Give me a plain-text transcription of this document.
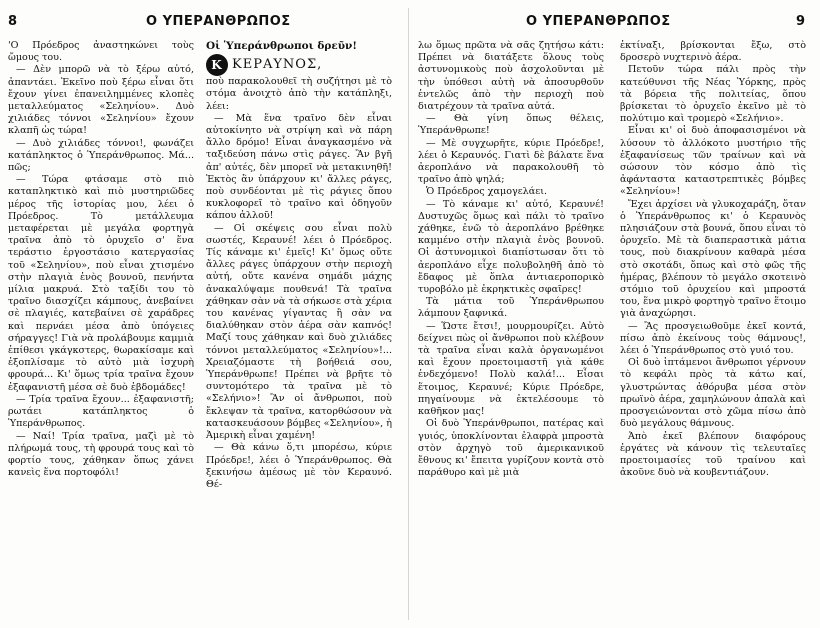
8	Ο ΥΠΕΡΑΝΘΡΩΠΟΣ	Ο ΥΠΕΡΑΝΘΡΩΠΟΣ	9

'Ο Πρόεδρος ἀναστηκώνει τοὺς ὤμους του.

— Δὲν μπορῶ νὰ τὸ ξέρω αὐτό, ἀπαντάει. Ἐκεῖνο ποὺ ξέρω εἶναι ὅτι ἔχουν γίνει ἐπανειλημμένες κλοπὲς μεταλλεύματος «Σεληνίου». Δυὸ χιλιάδες τόννοι «Σεληνίου» ἔχουν κλαπῆ ὡς τώρα!

— Δυὸ χιλιάδες τόννοι!, φωνάζει κατάπληκτος ὁ Ὑπεράνθρωπος. Μά... πῶς;

— Τώρα φτάσαμε στὸ πιὸ καταπληκτικὸ καὶ πιὸ μυστηριῶδες μέρος τῆς ἱστορίας μου, λέει ὁ Πρόεδρος. Τὸ μετάλλευμα μεταφέρεται μὲ μεγάλα φορτηγὰ τραῖνα ἀπὸ τὸ ὀρυχεῖο σ' ἕνα τεράστιο ἐργοστάσιο κατεργασίας τοῦ «Σεληνίου», ποὺ εἶναι χτισμένο στὴν πλαγιὰ ἑνὸς βουνοῦ, πενήντα μίλια μακρυά. Στὸ ταξίδι του τὸ τραῖνο διασχίζει κάμπους, ἀνεβαίνει σὲ πλαγιές, κατεβαίνει σὲ χαράδρες καὶ περνάει μέσα ἀπὸ ὑπόγειες σήραγγες! Γιὰ νὰ προλάβουμε καμμιὰ ἐπίθεσι γκάγκστερς, θωρακίσαμε καὶ ἐξοπλίσαμε τὸ αὐτὸ μιὰ ἰσχυρὴ φρουρά... Κι' ὅμως τρία τραῖνα ἔχουν ἐξαφανιστῆ μέσα σὲ δυὸ ἑβδομάδες!

— Τρία τραῖνα ἔχουν... ἐξαφανιστῆ; ρωτάει κατάπληκτος ὁ Ὑπεράνθρωπος.

— Ναί! Τρία τραῖνα, μαζὶ μὲ τὸ πλήρωμά τους, τὴ φρουρά τους καὶ τὸ φορτίο τους, χάθηκαν ὅπως χάνει κανεὶς ἕνα πορτοφόλι!

Οἱ Ὑπεράνθρωποι δρεῦν!

Κ ΚΕΡΑΥΝΟΣ,

ποὺ παρακολουθεῖ τὴ συζήτησι μὲ τὸ στόμα ἀνοιχτὸ ἀπὸ τὴν κατάπληξι, λέει:

— Μὰ ἕνα τραῖνο δὲν εἶναι αὐτοκίνητο νὰ στρίψη καὶ νὰ πάρη ἄλλο δρόμο! Εἶναι ἀναγκασμένο νὰ ταξιδεύση πάνω στὶς ράγες. Ἂν βγῆ ἀπ' αὐτές, δὲν μπορεῖ νὰ μετακινηθῆ! Ἐκτὸς ἂν ὑπάρχουν κι' ἄλλες ράγες, ποὺ συνδέονται μὲ τὶς ράγιες ὅπου κυκλοφορεῖ τὸ τραῖνο καὶ ὁδηγοῦν κάπου ἀλλοῦ!

— Οἱ σκέψεις σου εἶναι πολὺ σωστές, Κεραυνέ! λέει ὁ Πρόεδρος. Τίς κάναμε κι' ἐμεῖς! Κι' ὅμως οὔτε ἄλλες ράγες ὑπάρχουν στὴν περιοχὴ αὐτή, οὔτε κανένα σημάδι μάχης ἀνακαλύψαμε πουθενά! Τὰ τραῖνα χάθηκαν σὰν νὰ τὰ σήκωσε στὰ χέρια του κανένας γίγαντας ἢ σὰν να διαλύθηκαν στὸν ἀέρα σὰν καπνός! Μαζί τους χάθηκαν καὶ δυὸ χιλιάδες τόννοι μεταλλεύματος «Σεληνίου»!... Χρειαζόμαστε τὴ βοήθειά σου, Ὑπεράνθρωπε! Πρέπει νὰ βρῆτε τὸ συντομότερο τὰ τραῖνα μὲ τὸ «Σελήνιο»! Ἂν οἱ ἄνθρωποι, ποὺ ἔκλεψαν τὰ τραῖνα, κατορθώσουν νὰ κατασκευάσουν βόμβες «Σεληνίου», ἡ Ἀμερικὴ εἶναι χαμένη!

— Θὰ κάνω ὅ,τι μπορέσω, κύριε Πρόεδρε!, λέει ὁ Ὑπεράνθρωπος. Θὰ ξεκινήσω ἀμέσως μὲ τὸν Κεραυνό. Θέ-

λω ὅμως πρῶτα νὰ σᾶς ζητήσω κάτι: Πρέπει νὰ διατάξετε ὅλους τοὺς ἀστυνομικοὺς ποὺ ἀσχολοῦνται μὲ τὴν ὑπόθεσι αὐτὴ νὰ ἀποσυρθοῦν ἐντελῶς ἀπὸ τὴν περιοχὴ ποὺ διατρέχουν τὰ τραῖνα αὐτά.

— Θὰ γίνη ὅπως θέλεις, Ὑπεράνθρωπε!

— Μὲ συγχωρῆτε, κύριε Πρόεδρε!, λέει ὁ Κεραυνός. Γιατὶ δὲ βάλατε ἕνα ἀεροπλάνο νὰ παρακολουθῆ τὸ τραῖνο ἀπὸ ψηλά;

Ὁ Πρόεδρος χαμογελάει.

— Τὸ κάναμε κι' αὐτό, Κεραυνέ! Δυστυχῶς ὅμως καὶ πάλι τὸ τραῖνο χάθηκε, ἐνῶ τὸ ἀεροπλάνο βρέθηκε καμμένο στὴν πλαγιὰ ἑνὸς βουνοῦ. Οἱ ἀστυνομικοὶ διαπίστωσαν ὅτι τὸ ἀεροπλάνο εἶχε πολυβοληθῆ ἀπὸ τὸ ἔδαφος μὲ ὅπλα ἀντιαεροπορικὸ τυροβόλο μὲ ἐκρηκτικὲς σφαῖρες!

Τὰ μάτια τοῦ Ὑπεράνθρωπου λάμπουν ξαφνικά.

— Ὥστε ἔτσι!, μουρμουρίζει. Αὐτὸ δείχνει πὼς οἱ ἄνθρωποι ποὺ κλέβουν τὰ τραῖνα εἶναι καλὰ ὀργανωμένοι καὶ ἔχουν προετοιμαστῆ γιὰ κάθε ἐνδεχόμενο! Πολὺ καλά!... Εἶσαι ἕτοιμος, Κεραυνέ; Κύριε Πρόεδρε, πηγαίνουμε νὰ ἐκτελέσουμε τὸ καθῆκον μας!

Οἱ δυὸ Ὑπεράνθρωποι, πατέρας καὶ γυιός, ὑποκλίνονται ἐλαφρὰ μπροστὰ στὸν ἀρχηγὸ τοῦ ἀμερικανικοῦ ἔθνους κι' ἔπειτα γυρίζουν κοντὰ στὸ παράθυρο καὶ μὲ μιὰ

ἐκτίναξι, βρίσκονται ἔξω, στὸ δροσερὸ νυχτερινὸ ἀέρα.

Πετοῦν τώρα πάλι πρὸς τὴν κατεύθυνσι τῆς Νέας Ὑόρκης, πρὸς τὰ βόρεια τῆς πολιτείας, ὅπου βρίσκεται τὸ ὀρυχεῖο ἐκεῖνο μὲ τὸ πολύτιμο καὶ τρομερὸ «Σελήνιο».

Εἶναι κι' οἱ δυὸ ἀποφασισμένοι νὰ λύσουν τὸ ἀλλόκοτο μυστήριο τῆς ἐξαφανίσεως τῶν τραίνων καὶ νὰ σώσουν τὸν κόσμο ἀπὸ τὶς ἀφάνταστα καταστρεπτικὲς βόμβες «Σεληνίου»!

Ἔχει ἀρχίσει νὰ γλυκοχαράζη, ὅταν ὁ Ὑπεράνθρωπος κι' ὁ Κεραυνὸς πλησιάζουν στὰ βουνά, ὅπου εἶναι τὸ ὀρυχεῖο. Μὲ τὰ διαπεραστικὰ μάτια τους, ποὺ διακρίνουν καθαρὰ μέσα στὸ σκοτάδι, ὅπως καὶ στὸ φῶς τῆς ἡμέρας, βλέπουν τὸ μεγάλο σκοτεινὸ στόμιο τοῦ ὀρυχείου καὶ μπροστά του, ἕνα μικρὸ φορτηγὸ τραῖνο ἕτοιμο γιὰ ἀναχώρησι.

— Ἂς προσγειωθοῦμε ἐκεῖ κοντά, πίσω ἀπὸ ἐκείνους τοὺς θάμνους!, λέει ὁ Ὑπεράνθρωπος στὸ γυιό του.

Οἱ δυὸ ἱπτάμενοι ἄνθρωποι γέρνουν τὸ κεφάλι πρὸς τὰ κάτω καί, γλυστρώντας ἀθόρυβα μέσα στὸν πρωϊνὸ ἀέρα, χαμηλώνουν ἀπαλὰ καὶ προσγειώνονται στὸ χῶμα πίσω ἀπὸ δυὸ μεγάλους θάμνους.

Ἀπὸ ἐκεῖ βλέπουν διαφόρους ἐργάτες νὰ κάνουν τὶς τελευταῖες προετοιμασίες τοῦ τραίνου καὶ ἀκοῦνε δυὸ νὰ κουβεντιάζουν.
